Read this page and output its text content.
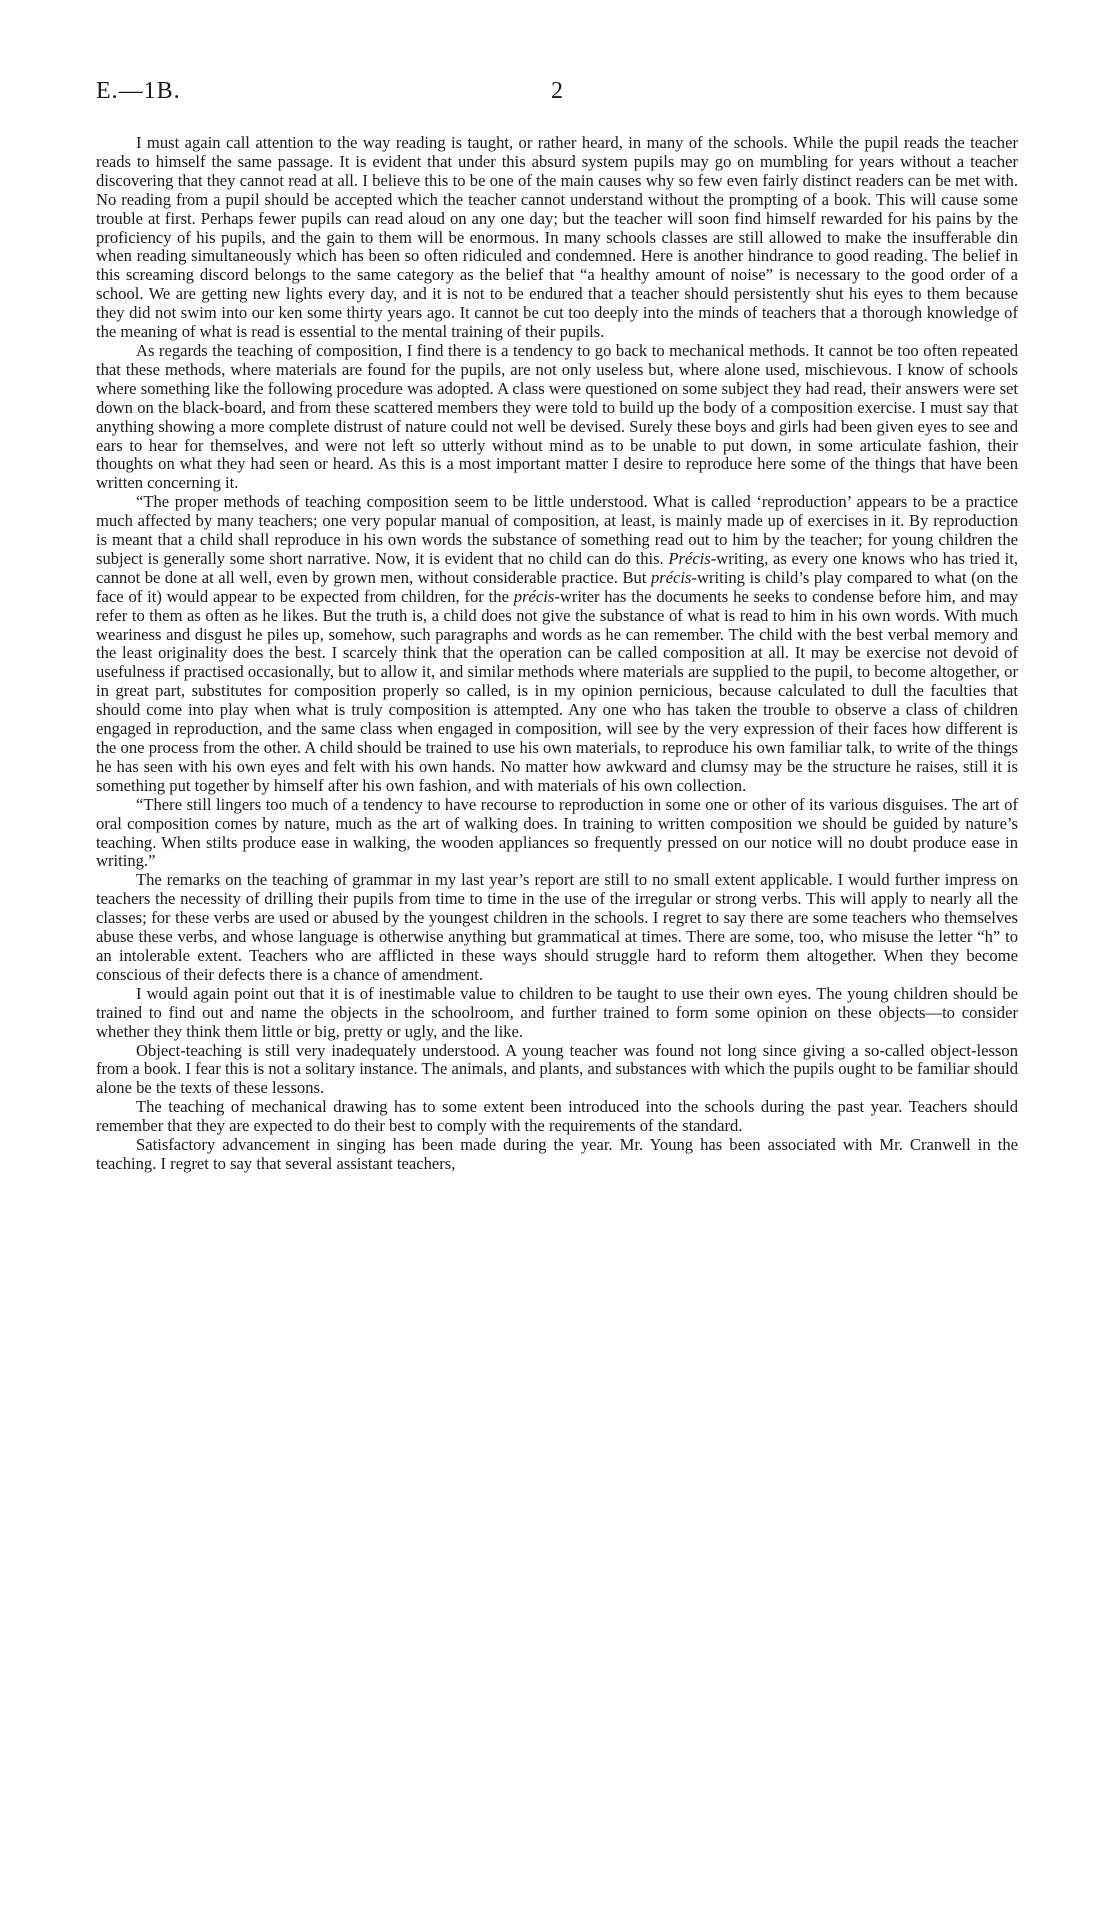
E.—1B.	2

I must again call attention to the way reading is taught, or rather heard, in many of the schools. While the pupil reads the teacher reads to himself the same passage. It is evident that under this absurd system pupils may go on mumbling for years without a teacher discovering that they cannot read at all. I believe this to be one of the main causes why so few even fairly distinct readers can be met with. No reading from a pupil should be accepted which the teacher cannot understand without the prompting of a book. This will cause some trouble at first. Perhaps fewer pupils can read aloud on any one day; but the teacher will soon find himself rewarded for his pains by the proficiency of his pupils, and the gain to them will be enormous. In many schools classes are still allowed to make the insufferable din when reading simultaneously which has been so often ridiculed and condemned. Here is another hindrance to good reading. The belief in this screaming discord belongs to the same category as the belief that “a healthy amount of noise” is necessary to the good order of a school. We are getting new lights every day, and it is not to be endured that a teacher should persistently shut his eyes to them because they did not swim into our ken some thirty years ago. It cannot be cut too deeply into the minds of teachers that a thorough knowledge of the meaning of what is read is essential to the mental training of their pupils.

As regards the teaching of composition, I find there is a tendency to go back to mechanical methods. It cannot be too often repeated that these methods, where materials are found for the pupils, are not only useless but, where alone used, mischievous. I know of schools where something like the following procedure was adopted. A class were questioned on some subject they had read, their answers were set down on the black-board, and from these scattered members they were told to build up the body of a composition exercise. I must say that anything showing a more complete distrust of nature could not well be devised. Surely these boys and girls had been given eyes to see and ears to hear for themselves, and were not left so utterly without mind as to be unable to put down, in some articulate fashion, their thoughts on what they had seen or heard. As this is a most important matter I desire to reproduce here some of the things that have been written concerning it.

“The proper methods of teaching composition seem to be little understood. What is called ‘reproduction’ appears to be a practice much affected by many teachers; one very popular manual of composition, at least, is mainly made up of exercises in it. By reproduction is meant that a child shall reproduce in his own words the substance of something read out to him by the teacher; for young children the subject is generally some short narrative. Now, it is evident that no child can do this. Précis-writing, as every one knows who has tried it, cannot be done at all well, even by grown men, without considerable practice. But précis-writing is child’s play compared to what (on the face of it) would appear to be expected from children, for the précis-writer has the documents he seeks to condense before him, and may refer to them as often as he likes. But the truth is, a child does not give the substance of what is read to him in his own words. With much weariness and disgust he piles up, somehow, such paragraphs and words as he can remember. The child with the best verbal memory and the least originality does the best. I scarcely think that the operation can be called composition at all. It may be exercise not devoid of usefulness if practised occasionally, but to allow it, and similar methods where materials are supplied to the pupil, to become altogether, or in great part, substitutes for composition properly so called, is in my opinion pernicious, because calculated to dull the faculties that should come into play when what is truly composition is attempted. Any one who has taken the trouble to observe a class of children engaged in reproduction, and the same class when engaged in composition, will see by the very expression of their faces how different is the one process from the other. A child should be trained to use his own materials, to reproduce his own familiar talk, to write of the things he has seen with his own eyes and felt with his own hands. No matter how awkward and clumsy may be the structure he raises, still it is something put together by himself after his own fashion, and with materials of his own collection.

“There still lingers too much of a tendency to have recourse to reproduction in some one or other of its various disguises. The art of oral composition comes by nature, much as the art of walking does. In training to written composition we should be guided by nature’s teaching. When stilts produce ease in walking, the wooden appliances so frequently pressed on our notice will no doubt produce ease in writing.”

The remarks on the teaching of grammar in my last year’s report are still to no small extent applicable. I would further impress on teachers the necessity of drilling their pupils from time to time in the use of the irregular or strong verbs. This will apply to nearly all the classes; for these verbs are used or abused by the youngest children in the schools. I regret to say there are some teachers who themselves abuse these verbs, and whose language is otherwise anything but grammatical at times. There are some, too, who misuse the letter “h” to an intolerable extent. Teachers who are afflicted in these ways should struggle hard to reform them altogether. When they become conscious of their defects there is a chance of amendment.

I would again point out that it is of inestimable value to children to be taught to use their own eyes. The young children should be trained to find out and name the objects in the schoolroom, and further trained to form some opinion on these objects—to consider whether they think them little or big, pretty or ugly, and the like.

Object-teaching is still very inadequately understood. A young teacher was found not long since giving a so-called object-lesson from a book. I fear this is not a solitary instance. The animals, and plants, and substances with which the pupils ought to be familiar should alone be the texts of these lessons.

The teaching of mechanical drawing has to some extent been introduced into the schools during the past year. Teachers should remember that they are expected to do their best to comply with the requirements of the standard.

Satisfactory advancement in singing has been made during the year. Mr. Young has been associated with Mr. Cranwell in the teaching. I regret to say that several assistant teachers,
